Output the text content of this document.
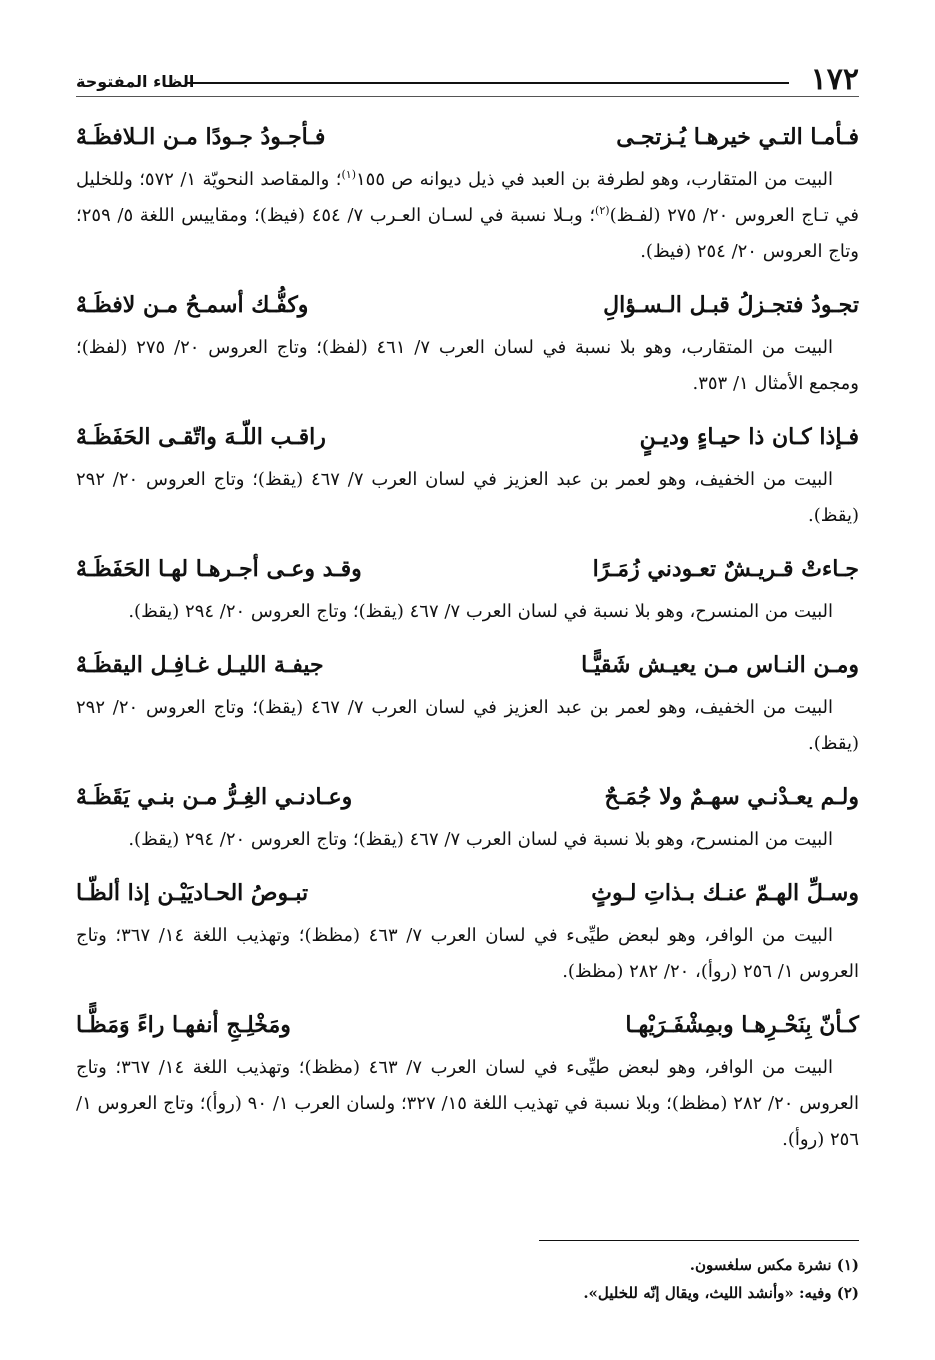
١٧٢
الظاء المفتوحة
فـأمـا التـي خيرهـا يُـزتجـى
فـأجـودُ جـودًا مـن الـلافظَـهْ

البيت من المتقارب، وهو لطرفة بن العبد في ذيل ديوانه ص ١٥٥$^{(١)}$؛ والمقاصد النحويّة ١/ ٥٧٢؛ وللخليل في تـاج العروس ٢٠/ ٢٧٥ (لفـظ)$^{(٢)}$؛ وبـلا نسبة في لسـان العـرب ٧/ ٤٥٤ (فيظ)؛ ومقاييس اللغة ٥/ ٢٥٩؛ وتاج العروس ٢٠/ ٢٥٤ (فيظ).

تجـودُ فتجـزلُ قبـل الـسـؤالِ
وكفُّـك أسمـحُ مـن لافظَـهْ

البيت من المتقارب، وهو بلا نسبة في لسان العرب ٧/ ٤٦١ (لفظ)؛ وتاج العروس ٢٠/ ٢٧٥ (لفظ)؛ ومجمع الأمثال ١/ ٣٥٣.

فـإذا كـان ذا حيـاءٍ وديـنٍ
راقـب اللّـهَ واتّقـى الحَفَظَـهْ

البيت من الخفيف، وهو لعمر بن عبد العزيز في لسان العرب ٧/ ٤٦٧ (يقظ)؛ وتاج العروس ٢٠/ ٢٩٢ (يقظ).

جـاءتْ قـريـشٌ تعـودني زُمَـرًا
وقـد وعـى أجـرهـا لهـا الحَفَظَـهْ

البيت من المنسرح، وهو بلا نسبة في لسان العرب ٧/ ٤٦٧ (يقظ)؛ وتاج العروس ٢٠/ ٢٩٤ (يقظ).

ومـن النـاس مـن يعيـش شَقيًّـا
جيفـة الليـل غـافِـل اليقظَـهْ

البيت من الخفيف، وهو لعمر بن عبد العزيز في لسان العرب ٧/ ٤٦٧ (يقظ)؛ وتاج العروس ٢٠/ ٢٩٢ (يقظ).

ولـم يعـدْنـي سهـمٌ ولا جُمَـحٌ
وعـادنـي الغِـرُّ مـن بنـي يَقَظَـهْ

البيت من المنسرح، وهو بلا نسبة في لسان العرب ٧/ ٤٦٧ (يقظ)؛ وتاج العروس ٢٠/ ٢٩٤ (يقظ).

وسـلِّ الهـمّ عنـك بـذاتِ لـوثٍ
تبـوصُ الحـاديَيْـن إذا ألظّـا

البيت من الوافر، وهو لبعض طيِّىء في لسان العرب ٧/ ٤٦٣ (مظظ)؛ وتهذيب اللغة ١٤/ ٣٦٧؛ وتاج العروس ١/ ٢٥٦ (روأ)، ٢٠/ ٢٨٢ (مظظ).

كـأنّ بِنَحْـرِهـا وبمِشْفَـرَيْهـا
ومَخْلِـجِ أنفهـا راءً وَمَظًّـا

البيت من الوافر، وهو لبعض طيِّىء في لسان العرب ٧/ ٤٦٣ (مظظ)؛ وتهذيب اللغة ١٤/ ٣٦٧؛ وتاج العروس ٢٠/ ٢٨٢ (مظظ)؛ وبلا نسبة في تهذيب اللغة ١٥/ ٣٢٧؛ ولسان العرب ١/ ٩٠ (روأ)؛ وتاج العروس ١/ ٢٥٦ (روأ).

(١) نشرة مكس سلغسون.
(٢) وفيه: «وأنشد الليث، ويقال إنّه للخليل».
